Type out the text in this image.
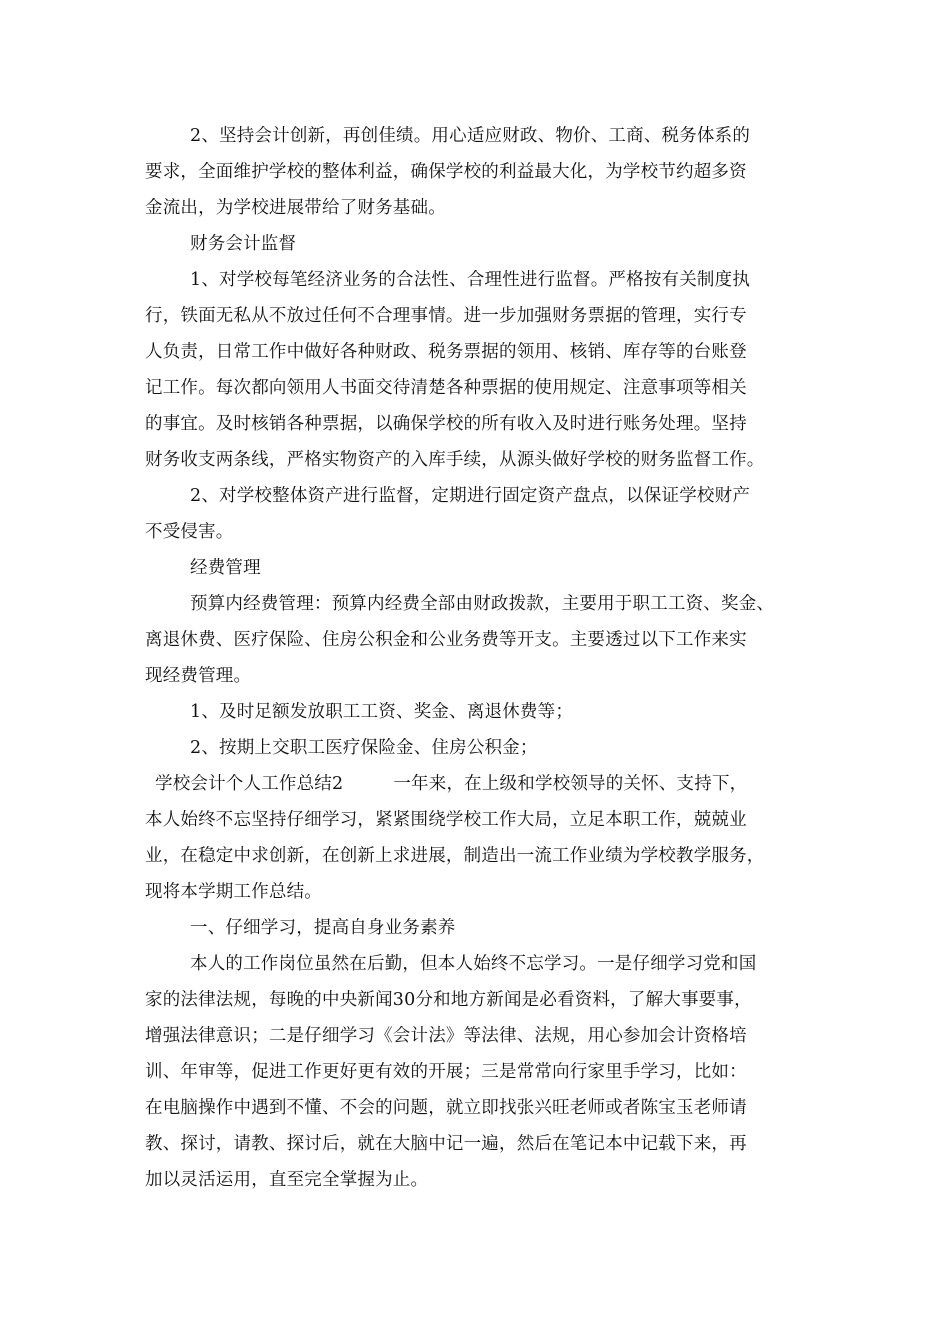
2、坚持会计创新，再创佳绩。用心适应财政、物价、工商、税务体系的
要求，全面维护学校的整体利益，确保学校的利益最大化，为学校节约超多资
金流出，为学校进展带给了财务基础。
财务会计监督
1、对学校每笔经济业务的合法性、合理性进行监督。严格按有关制度执
行，铁面无私从不放过任何不合理事情。进一步加强财务票据的管理，实行专
人负责，日常工作中做好各种财政、税务票据的领用、核销、库存等的台账登
记工作。每次都向领用人书面交待清楚各种票据的使用规定、注意事项等相关
的事宜。及时核销各种票据，以确保学校的所有收入及时进行账务处理。坚持
财务收支两条线，严格实物资产的入库手续，从源头做好学校的财务监督工作。
2、对学校整体资产进行监督，定期进行固定资产盘点，以保证学校财产
不受侵害。
经费管理
预算内经费管理：预算内经费全部由财政拨款，主要用于职工工资、奖金、
离退休费、医疗保险、住房公积金和公业务费等开支。主要透过以下工作来实
现经费管理。
1、及时足额发放职工工资、奖金、离退休费等；
2、按期上交职工医疗保险金、住房公积金；
学校会计个人工作总结2	一年来，在上级和学校领导的关怀、支持下，
本人始终不忘坚持仔细学习，紧紧围绕学校工作大局，立足本职工作，兢兢业
业，在稳定中求创新，在创新上求进展，制造出一流工作业绩为学校教学服务，
现将本学期工作总结。
一、仔细学习，提高自身业务素养
本人的工作岗位虽然在后勤，但本人始终不忘学习。一是仔细学习党和国
家的法律法规，每晚的中央新闻30分和地方新闻是必看资料，了解大事要事，
增强法律意识；二是仔细学习《会计法》等法律、法规，用心参加会计资格培
训、年审等，促进工作更好更有效的开展；三是常常向行家里手学习，比如：
在电脑操作中遇到不懂、不会的问题，就立即找张兴旺老师或者陈宝玉老师请
教、探讨，请教、探讨后，就在大脑中记一遍，然后在笔记本中记载下来，再
加以灵活运用，直至完全掌握为止。
